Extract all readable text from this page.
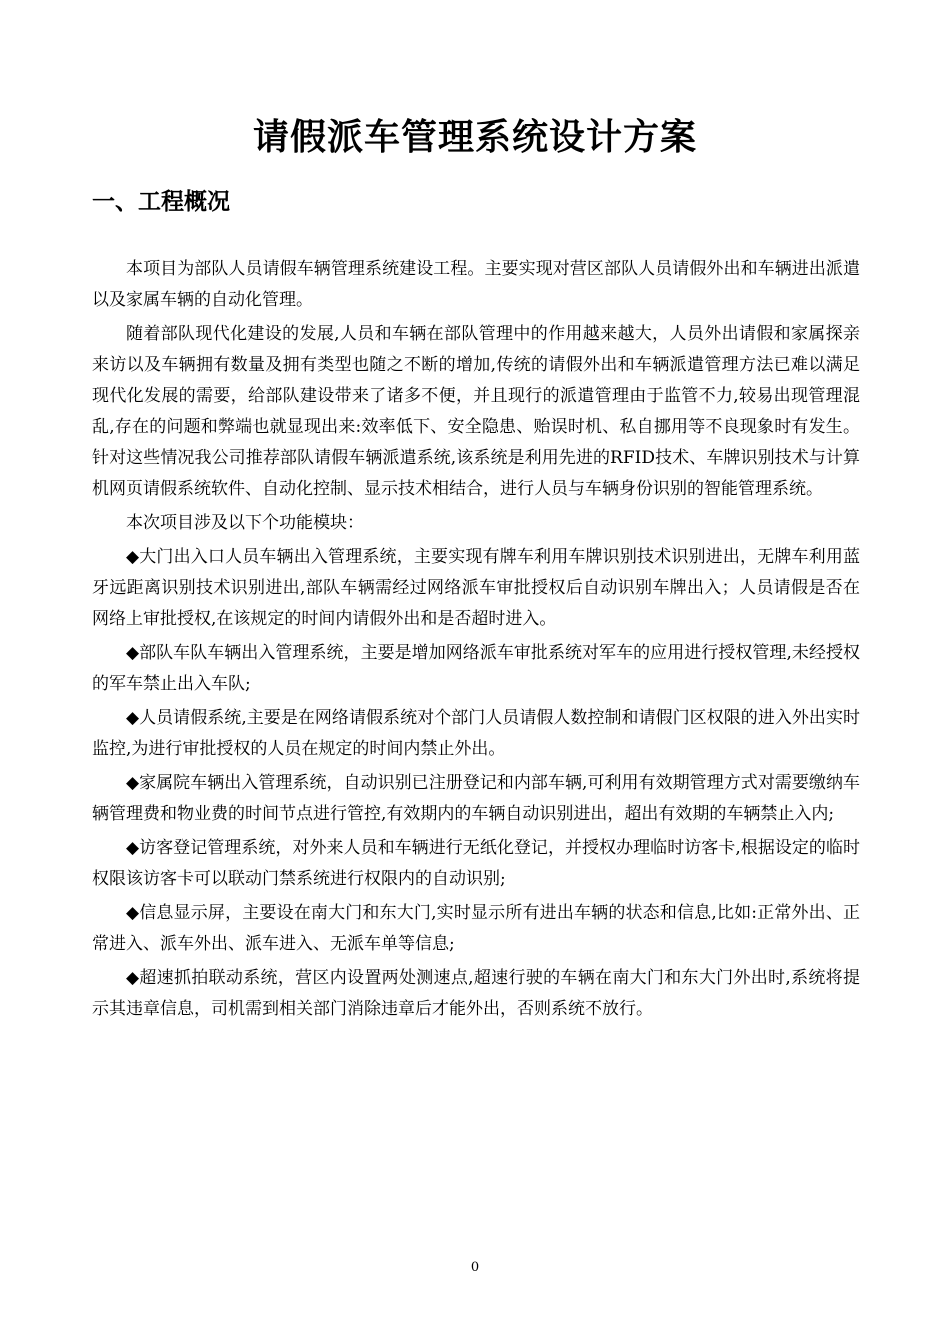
请假派车管理系统设计方案
一、工程概况

本项目为部队人员请假车辆管理系统建设工程。主要实现对营区部队人员请假外出和车辆进出派遣以及家属车辆的自动化管理。

随着部队现代化建设的发展,人员和车辆在部队管理中的作用越来越大，人员外出请假和家属探亲来访以及车辆拥有数量及拥有类型也随之不断的增加,传统的请假外出和车辆派遣管理方法已难以满足现代化发展的需要，给部队建设带来了诸多不便，并且现行的派遣管理由于监管不力,较易出现管理混乱,存在的问题和弊端也就显现出来:效率低下、安全隐患、贻误时机、私自挪用等不良现象时有发生。针对这些情况我公司推荐部队请假车辆派遣系统,该系统是利用先进的RFID技术、车牌识别技术与计算机网页请假系统软件、自动化控制、显示技术相结合，进行人员与车辆身份识别的智能管理系统。

本次项目涉及以下个功能模块：

◆大门出入口人员车辆出入管理系统，主要实现有牌车利用车牌识别技术识别进出，无牌车利用蓝牙远距离识别技术识别进出,部队车辆需经过网络派车审批授权后自动识别车牌出入；人员请假是否在网络上审批授权,在该规定的时间内请假外出和是否超时进入。

◆部队车队车辆出入管理系统，主要是增加网络派车审批系统对军车的应用进行授权管理,未经授权的军车禁止出入车队;

◆人员请假系统,主要是在网络请假系统对个部门人员请假人数控制和请假门区权限的进入外出实时监控,为进行审批授权的人员在规定的时间内禁止外出。

◆家属院车辆出入管理系统，自动识别已注册登记和内部车辆,可利用有效期管理方式对需要缴纳车辆管理费和物业费的时间节点进行管控,有效期内的车辆自动识别进出，超出有效期的车辆禁止入内;

◆访客登记管理系统，对外来人员和车辆进行无纸化登记，并授权办理临时访客卡,根据设定的临时权限该访客卡可以联动门禁系统进行权限内的自动识别;

◆信息显示屏，主要设在南大门和东大门,实时显示所有进出车辆的状态和信息,比如:正常外出、正常进入、派车外出、派车进入、无派车单等信息;

◆超速抓拍联动系统，营区内设置两处测速点,超速行驶的车辆在南大门和东大门外出时,系统将提示其违章信息，司机需到相关部门消除违章后才能外出，否则系统不放行。

0
